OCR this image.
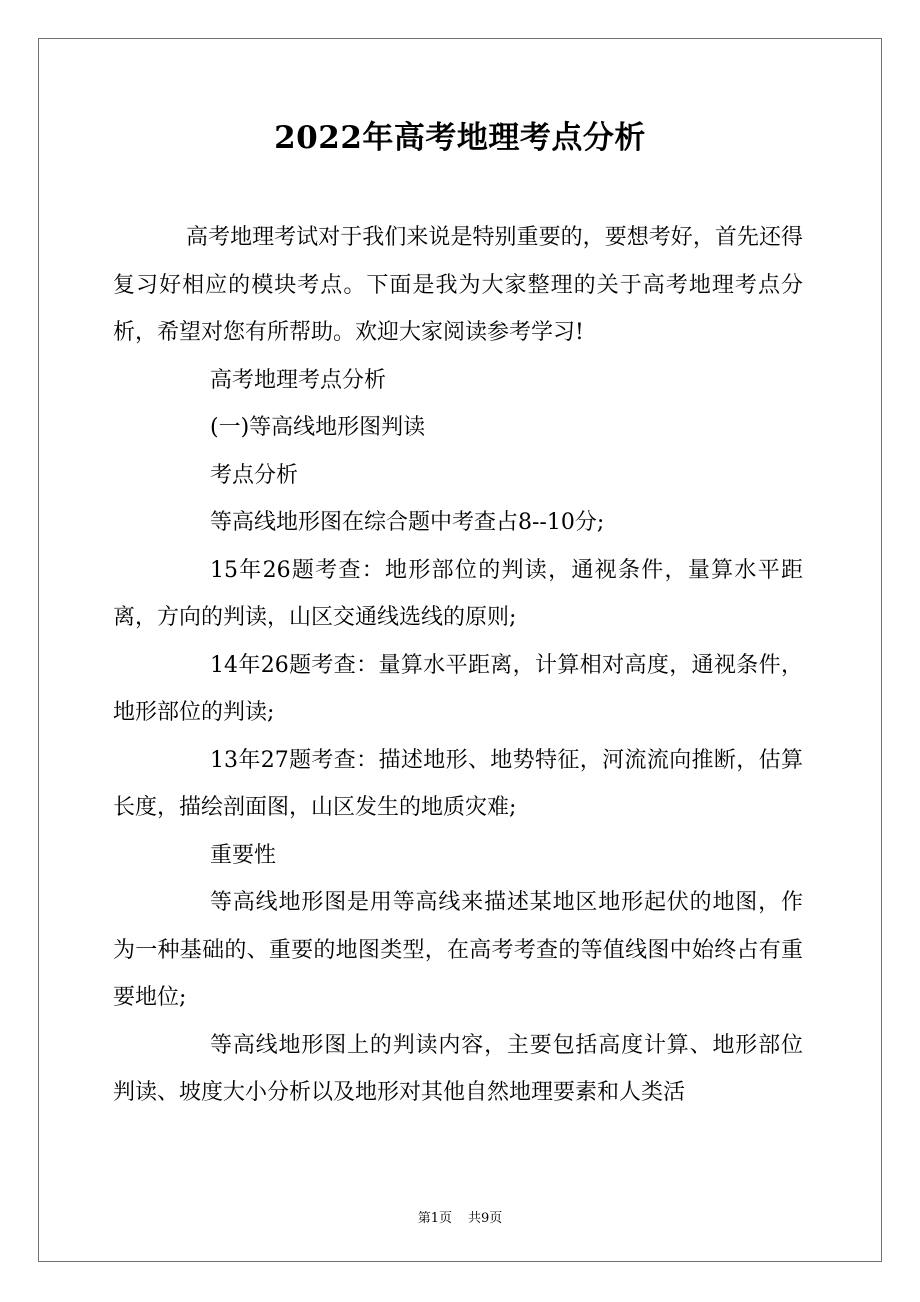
2022年高考地理考点分析

高考地理考试对于我们来说是特别重要的，要想考好，首先还得复习好相应的模块考点。下面是我为大家整理的关于高考地理考点分析，希望对您有所帮助。欢迎大家阅读参考学习!

高考地理考点分析

(一)等高线地形图判读

考点分析

等高线地形图在综合题中考查占8--10分;

15年26题考查：地形部位的判读，通视条件，量算水平距离，方向的判读，山区交通线选线的原则;

14年26题考查：量算水平距离，计算相对高度，通视条件，地形部位的判读;

13年27题考查：描述地形、地势特征，河流流向推断，估算长度，描绘剖面图，山区发生的地质灾难;

重要性

等高线地形图是用等高线来描述某地区地形起伏的地图，作为一种基础的、重要的地图类型，在高考考查的等值线图中始终占有重要地位;

等高线地形图上的判读内容，主要包括高度计算、地形部位判读、坡度大小分析以及地形对其他自然地理要素和人类活

第1页 共9页
